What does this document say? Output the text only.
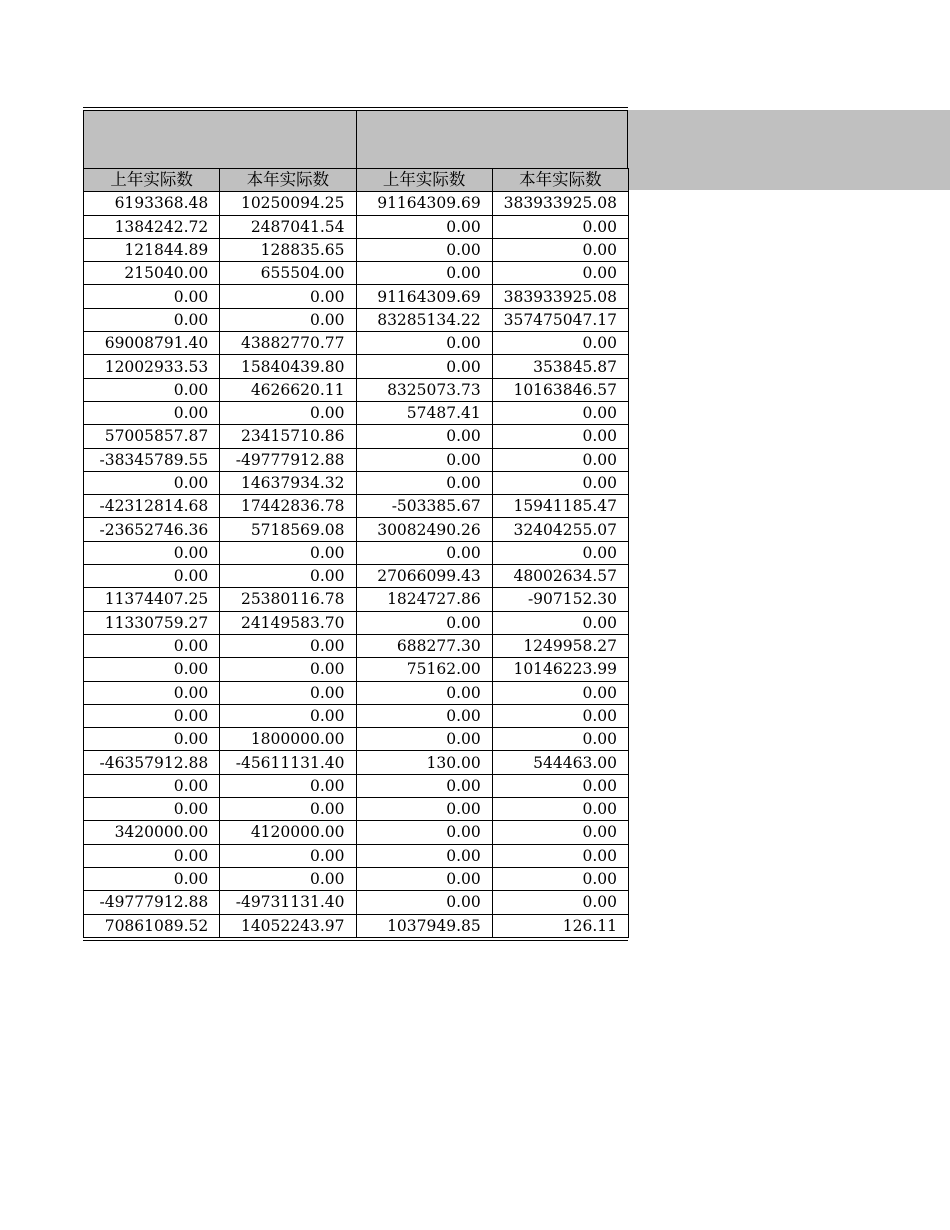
上年实际数	本年实际数	上年实际数	本年实际数
6193368.48	10250094.25	91164309.69	383933925.08
1384242.72	2487041.54	0.00	0.00
121844.89	128835.65	0.00	0.00
215040.00	655504.00	0.00	0.00
0.00	0.00	91164309.69	383933925.08
0.00	0.00	83285134.22	357475047.17
69008791.40	43882770.77	0.00	0.00
12002933.53	15840439.80	0.00	353845.87
0.00	4626620.11	8325073.73	10163846.57
0.00	0.00	57487.41	0.00
57005857.87	23415710.86	0.00	0.00
-38345789.55	-49777912.88	0.00	0.00
0.00	14637934.32	0.00	0.00
-42312814.68	17442836.78	-503385.67	15941185.47
-23652746.36	5718569.08	30082490.26	32404255.07
0.00	0.00	0.00	0.00
0.00	0.00	27066099.43	48002634.57
11374407.25	25380116.78	1824727.86	-907152.30
11330759.27	24149583.70	0.00	0.00
0.00	0.00	688277.30	1249958.27
0.00	0.00	75162.00	10146223.99
0.00	0.00	0.00	0.00
0.00	0.00	0.00	0.00
0.00	1800000.00	0.00	0.00
-46357912.88	-45611131.40	130.00	544463.00
0.00	0.00	0.00	0.00
0.00	0.00	0.00	0.00
3420000.00	4120000.00	0.00	0.00
0.00	0.00	0.00	0.00
0.00	0.00	0.00	0.00
-49777912.88	-49731131.40	0.00	0.00
70861089.52	14052243.97	1037949.85	126.11
